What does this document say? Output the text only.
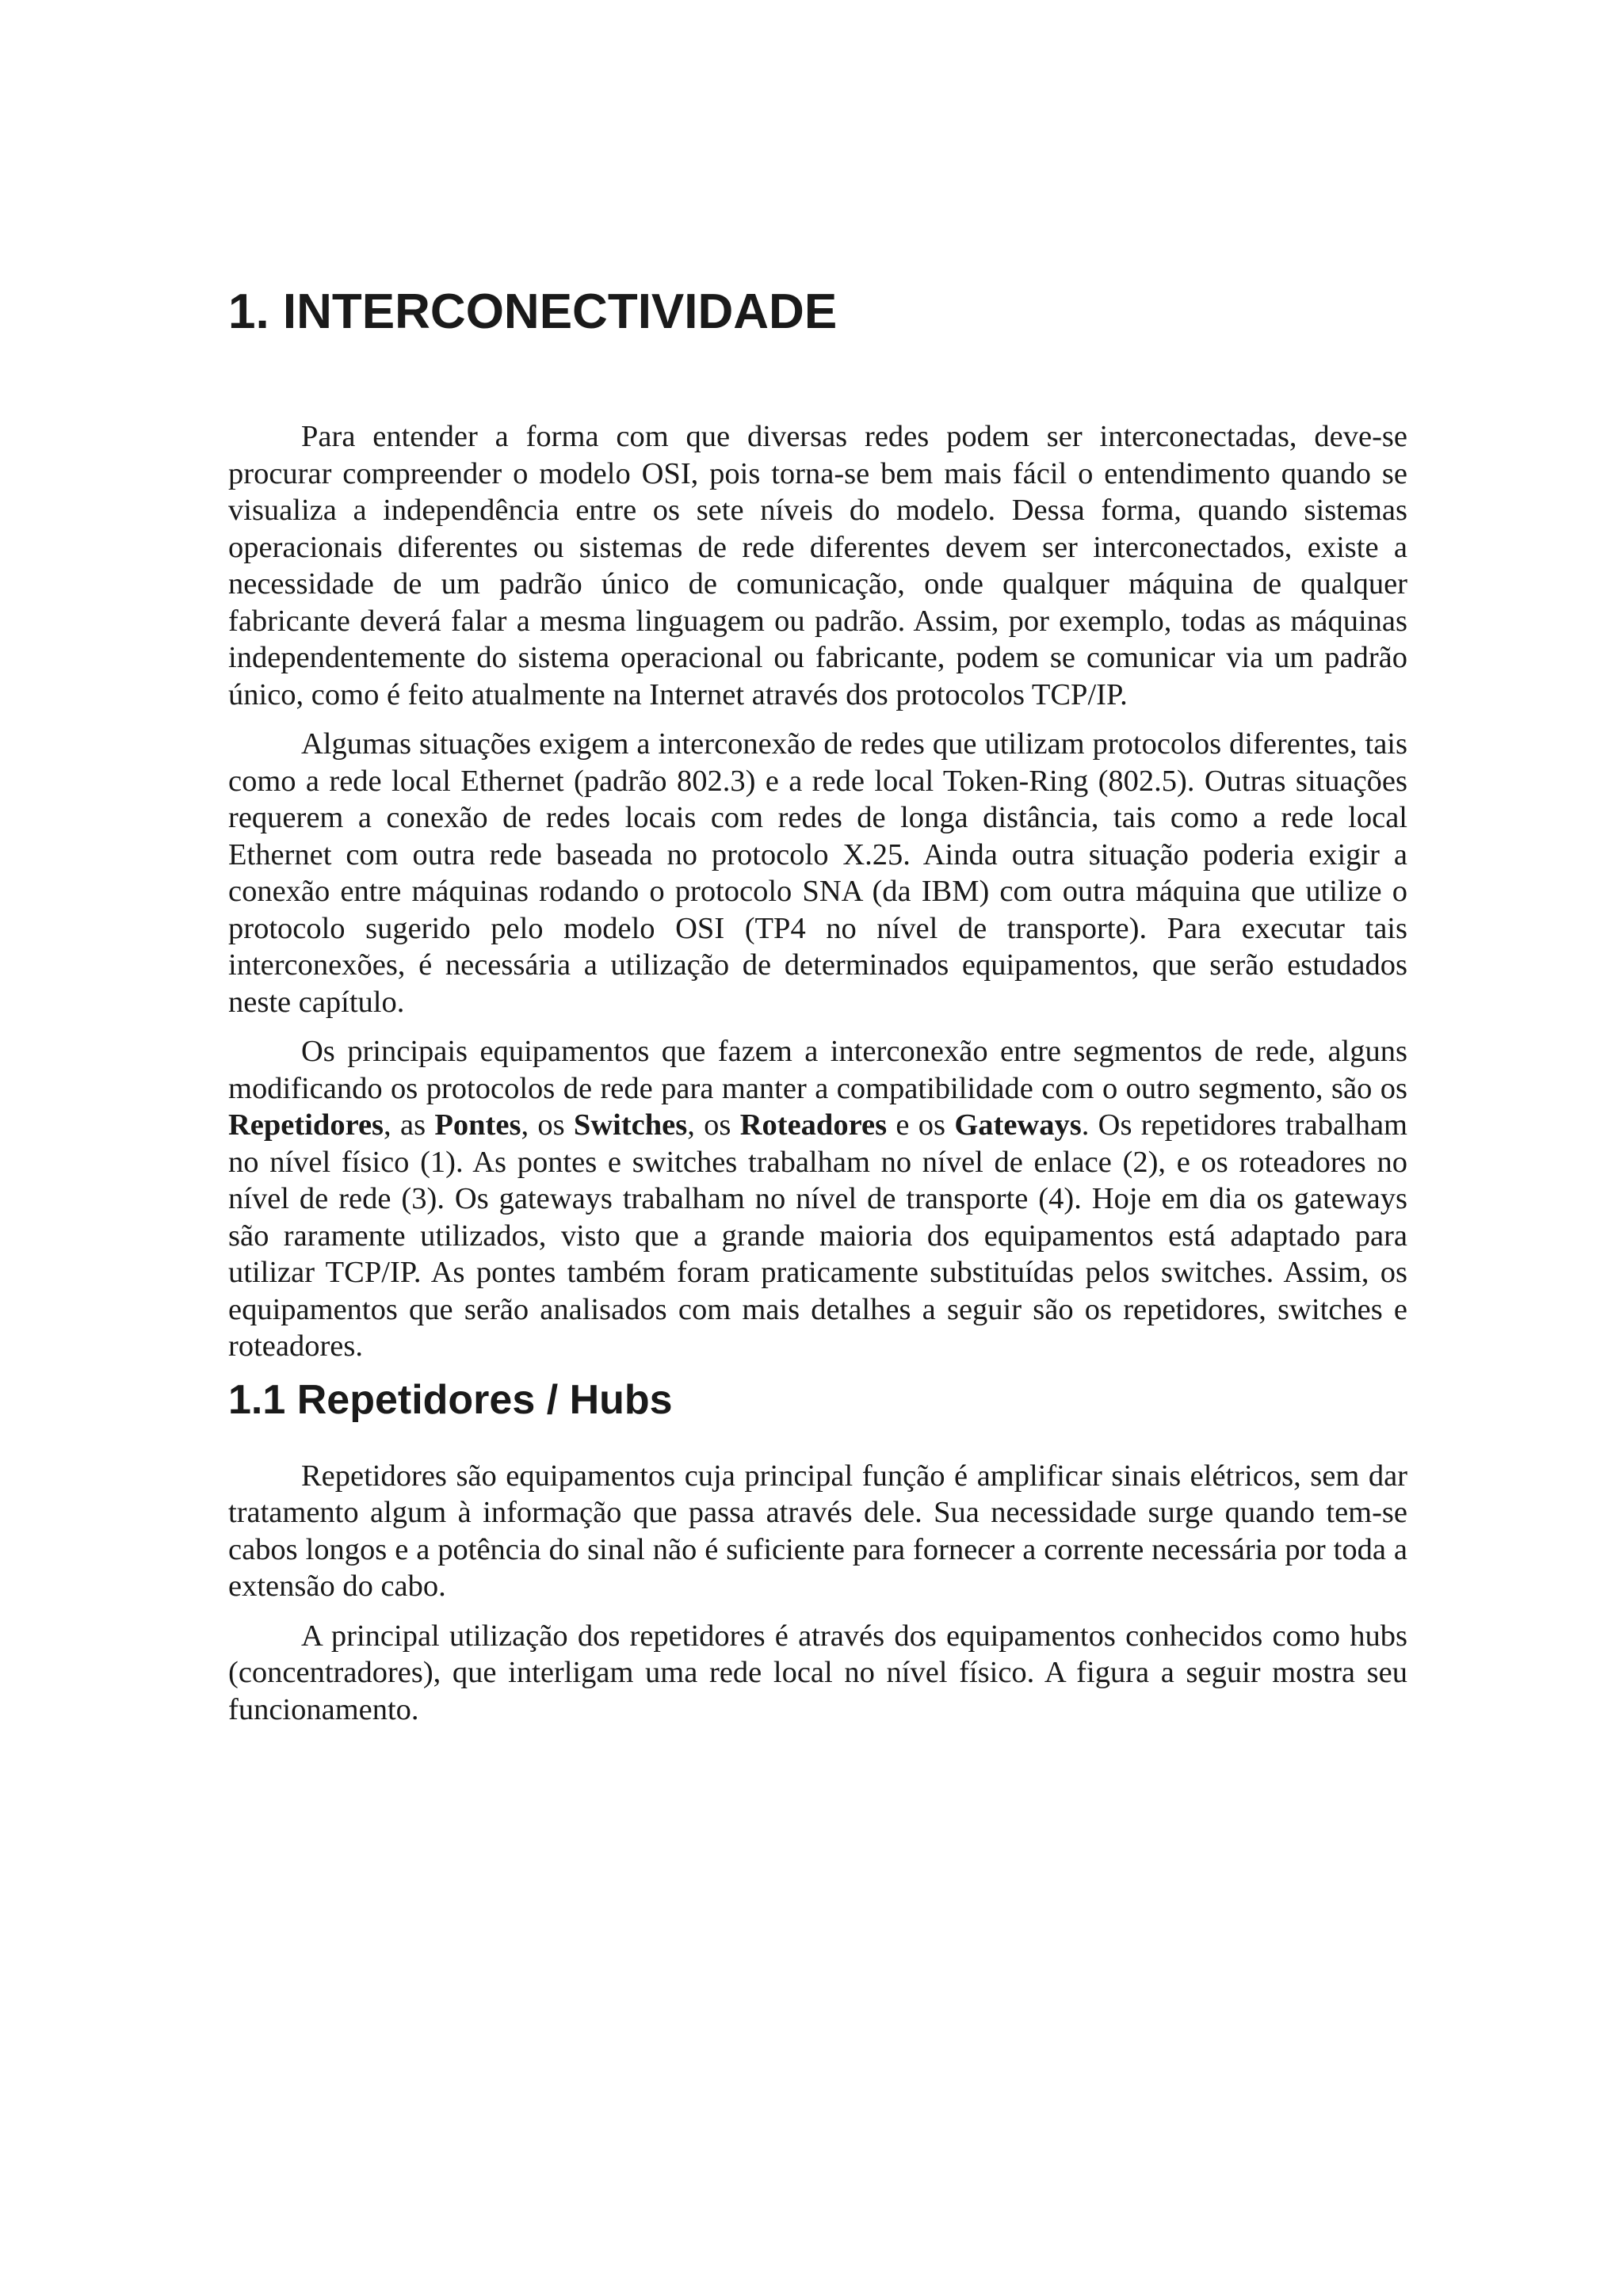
1. INTERCONECTIVIDADE

Para entender a forma com que diversas redes podem ser interconectadas, deve-se procurar compreender o modelo OSI, pois torna-se bem mais fácil o entendimento quando se visualiza a independência entre os sete níveis do modelo. Dessa forma, quando sistemas operacionais diferentes ou sistemas de rede diferentes devem ser interconectados, existe a necessidade de um padrão único de comunicação, onde qualquer máquina de qualquer fabricante deverá falar a mesma linguagem ou padrão. Assim, por exemplo, todas as máquinas independentemente do sistema operacional ou fabricante, podem se comunicar via um padrão único, como é feito atualmente na Internet através dos protocolos TCP/IP.

Algumas situações exigem a interconexão de redes que utilizam protocolos diferentes, tais como a rede local Ethernet (padrão 802.3) e a rede local Token-Ring (802.5). Outras situações requerem a conexão de redes locais com redes de longa distância, tais como a rede local Ethernet com outra rede baseada no protocolo X.25. Ainda outra situação poderia exigir a conexão entre máquinas rodando o protocolo SNA (da IBM) com outra máquina que utilize o protocolo sugerido pelo modelo OSI (TP4 no nível de transporte). Para executar tais interconexões, é necessária a utilização de determinados equipamentos, que serão estudados neste capítulo.

Os principais equipamentos que fazem a interconexão entre segmentos de rede, alguns modificando os protocolos de rede para manter a compatibilidade com o outro segmento, são os Repetidores, as Pontes, os Switches, os Roteadores e os Gateways. Os repetidores trabalham no nível físico (1). As pontes e switches trabalham no nível de enlace (2), e os roteadores no nível de rede (3). Os gateways trabalham no nível de transporte (4). Hoje em dia os gateways são raramente utilizados, visto que a grande maioria dos equipamentos está adaptado para utilizar TCP/IP. As pontes também foram praticamente substituídas pelos switches. Assim, os equipamentos que serão analisados com mais detalhes a seguir são os repetidores, switches e roteadores.

1.1 Repetidores / Hubs

Repetidores são equipamentos cuja principal função é amplificar sinais elétricos, sem dar tratamento algum à informação que passa através dele. Sua necessidade surge quando tem-se cabos longos e a potência do sinal não é suficiente para fornecer a corrente necessária por toda a extensão do cabo.

A principal utilização dos repetidores é através dos equipamentos conhecidos como hubs (concentradores), que interligam uma rede local no nível físico. A figura a seguir mostra seu funcionamento.
